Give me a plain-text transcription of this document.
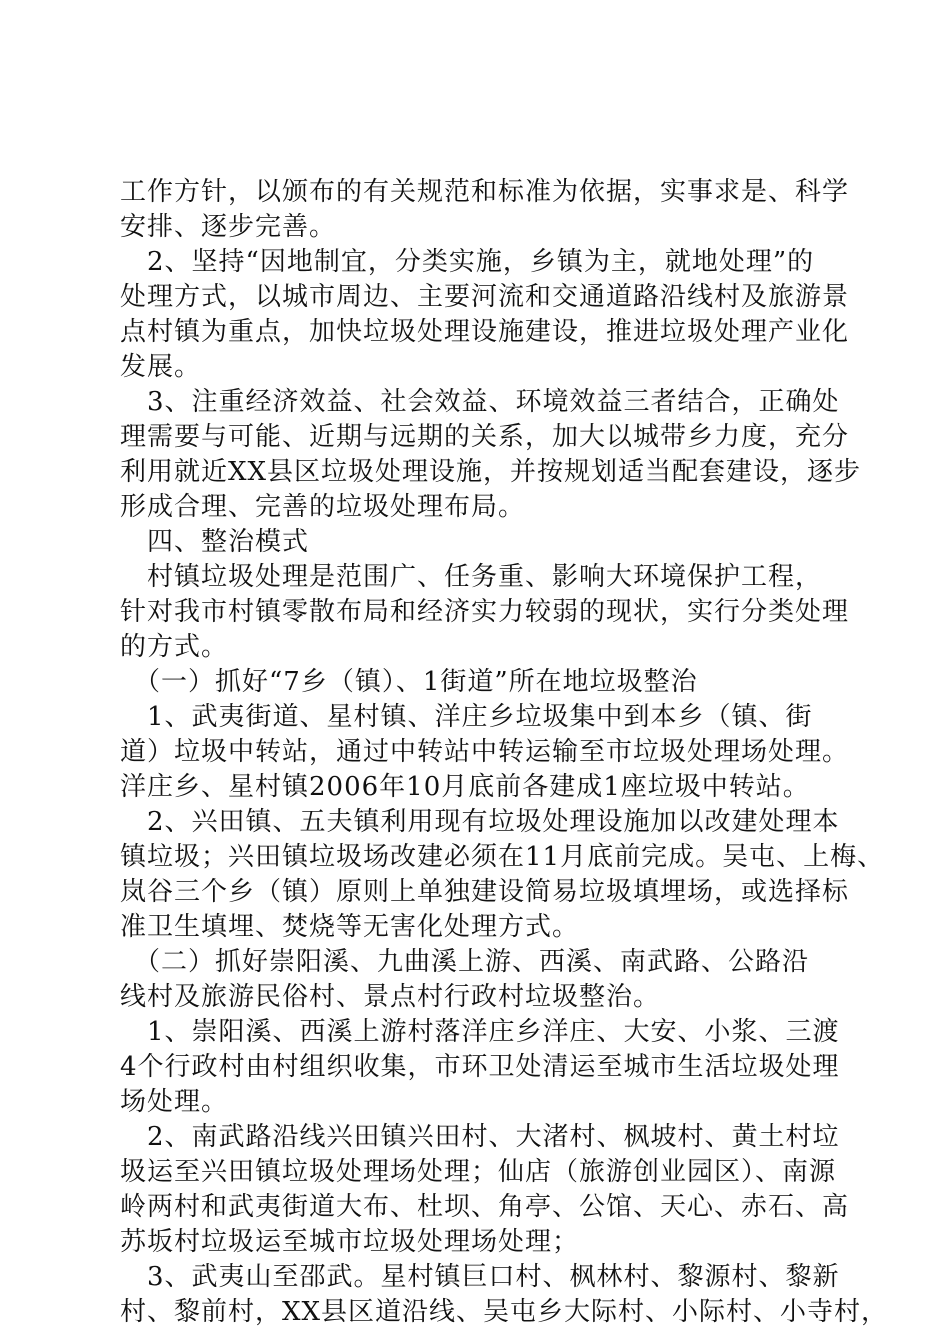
工作方针，以颁布的有关规范和标准为依据，实事求是、科学
安排、逐步完善。
　2、坚持“因地制宜，分类实施，乡镇为主，就地处理”的
处理方式，以城市周边、主要河流和交通道路沿线村及旅游景
点村镇为重点，加快垃圾处理设施建设，推进垃圾处理产业化
发展。
　3、注重经济效益、社会效益、环境效益三者结合，正确处
理需要与可能、近期与远期的关系，加大以城带乡力度，充分
利用就近XX县区垃圾处理设施，并按规划适当配套建设，逐步
形成合理、完善的垃圾处理布局。
　四、整治模式
　村镇垃圾处理是范围广、任务重、影响大环境保护工程，
针对我市村镇零散布局和经济实力较弱的现状，实行分类处理
的方式。
　（一）抓好“7乡（镇）、1街道”所在地垃圾整治
　1、武夷街道、星村镇、洋庄乡垃圾集中到本乡（镇、街
道）垃圾中转站，通过中转站中转运输至市垃圾处理场处理。
洋庄乡、星村镇2006年10月底前各建成1座垃圾中转站。
　2、兴田镇、五夫镇利用现有垃圾处理设施加以改建处理本
镇垃圾；兴田镇垃圾场改建必须在11月底前完成。吴屯、上梅、
岚谷三个乡（镇）原则上单独建设简易垃圾填埋场，或选择标
准卫生填埋、焚烧等无害化处理方式。
　（二）抓好崇阳溪、九曲溪上游、西溪、南武路、公路沿
线村及旅游民俗村、景点村行政村垃圾整治。
　1、崇阳溪、西溪上游村落洋庄乡洋庄、大安、小浆、三渡
4个行政村由村组织收集，市环卫处清运至城市生活垃圾处理
场处理。
　2、南武路沿线兴田镇兴田村、大渚村、枫坡村、黄土村垃
圾运至兴田镇垃圾处理场处理；仙店（旅游创业园区）、南源
岭两村和武夷街道大布、杜坝、角亭、公馆、天心、赤石、高
苏坂村垃圾运至城市垃圾处理场处理；
　3、武夷山至邵武。星村镇巨口村、枫林村、黎源村、黎新
村、黎前村，XX县区道沿线、吴屯乡大际村、小际村、小寺村，
